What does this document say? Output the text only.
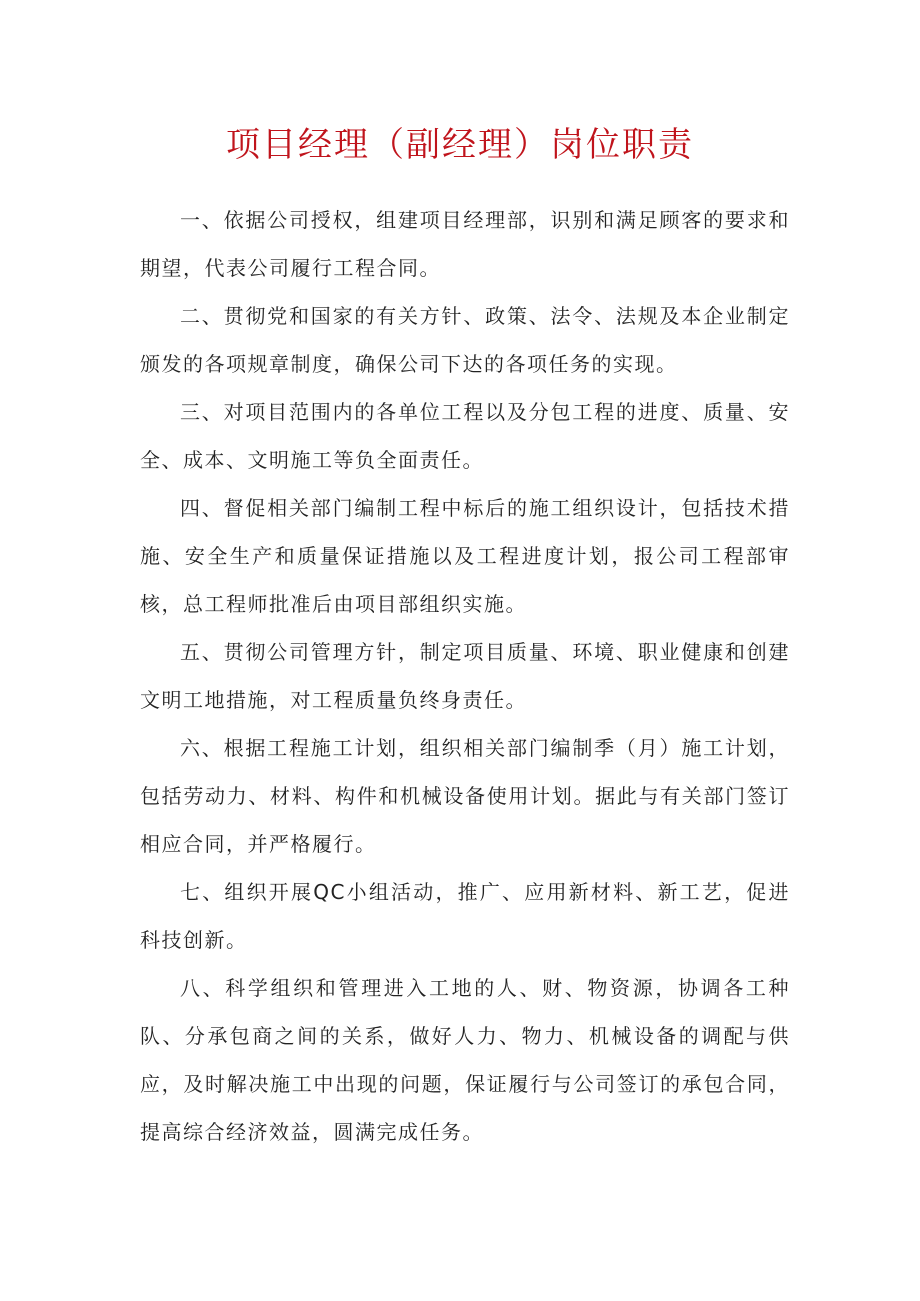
项目经理（副经理）岗位职责

一、依据公司授权，组建项目经理部，识别和满足顾客的要求和期望，代表公司履行工程合同。

二、贯彻党和国家的有关方针、政策、法令、法规及本企业制定颁发的各项规章制度，确保公司下达的各项任务的实现。

三、对项目范围内的各单位工程以及分包工程的进度、质量、安全、成本、文明施工等负全面责任。

四、督促相关部门编制工程中标后的施工组织设计，包括技术措施、安全生产和质量保证措施以及工程进度计划，报公司工程部审核，总工程师批准后由项目部组织实施。

五、贯彻公司管理方针，制定项目质量、环境、职业健康和创建文明工地措施，对工程质量负终身责任。

六、根据工程施工计划，组织相关部门编制季（月）施工计划，包括劳动力、材料、构件和机械设备使用计划。据此与有关部门签订相应合同，并严格履行。

七、组织开展QC小组活动，推广、应用新材料、新工艺，促进科技创新。

八、科学组织和管理进入工地的人、财、物资源，协调各工种队、分承包商之间的关系，做好人力、物力、机械设备的调配与供应，及时解决施工中出现的问题，保证履行与公司签订的承包合同，提高综合经济效益，圆满完成任务。
